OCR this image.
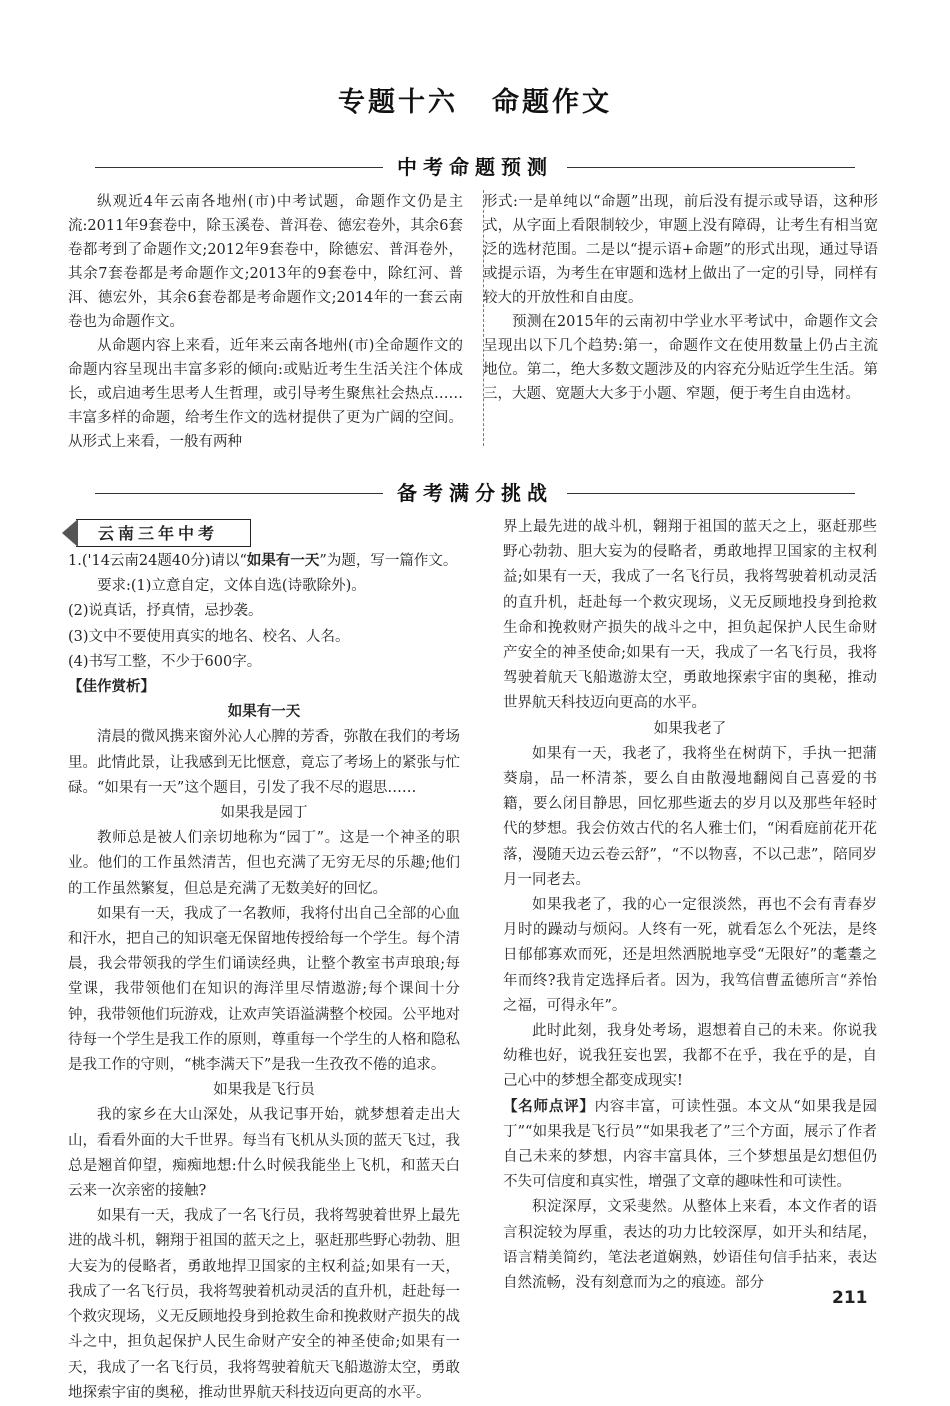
专题十六 命题作文
中考命题预测

纵观近4年云南各地州(市)中考试题，命题作文仍是主流:2011年9套卷中，除玉溪卷、普洱卷、德宏卷外，其余6套卷都考到了命题作文;2012年9套卷中，除德宏、普洱卷外，其余7套卷都是考命题作文;2013年的9套卷中，除红河、普洱、德宏外，其余6套卷都是考命题作文;2014年的一套云南卷也为命题作文。

从命题内容上来看，近年来云南各地州(市)全命题作文的命题内容呈现出丰富多彩的倾向:或贴近考生生活关注个体成长，或启迪考生思考人生哲理，或引导考生聚焦社会热点……丰富多样的命题，给考生作文的选材提供了更为广阔的空间。从形式上来看，一般有两种

形式:一是单纯以“命题”出现，前后没有提示或导语，这种形式，从字面上看限制较少，审题上没有障碍，让考生有相当宽泛的选材范围。二是以“提示语+命题”的形式出现，通过导语或提示语，为考生在审题和选材上做出了一定的引导，同样有较大的开放性和自由度。

预测在2015年的云南初中学业水平考试中，命题作文会呈现出以下几个趋势:第一，命题作文在使用数量上仍占主流地位。第二，绝大多数文题涉及的内容充分贴近学生生活。第三，大题、宽题大大多于小题、窄题，便于考生自由选材。

备考满分挑战
云南三年中考

1.('14云南24题40分)请以“如果有一天”为题，写一篇作文。

要求:(1)立意自定，文体自选(诗歌除外)。

(2)说真话，抒真情，忌抄袭。

(3)文中不要使用真实的地名、校名、人名。

(4)书写工整，不少于600字。

【佳作赏析】

如果有一天

清晨的微风携来窗外沁人心脾的芳香，弥散在我们的考场里。此情此景，让我感到无比惬意，竟忘了考场上的紧张与忙碌。“如果有一天”这个题目，引发了我不尽的遐思……

如果我是园丁

教师总是被人们亲切地称为“园丁”。这是一个神圣的职业。他们的工作虽然清苦，但也充满了无穷无尽的乐趣;他们的工作虽然繁复，但总是充满了无数美好的回忆。

如果有一天，我成了一名教师，我将付出自己全部的心血和汗水，把自己的知识毫无保留地传授给每一个学生。每个清晨，我会带领我的学生们诵读经典，让整个教室书声琅琅;每堂课，我带领他们在知识的海洋里尽情遨游;每个课间十分钟，我带领他们玩游戏，让欢声笑语溢满整个校园。公平地对待每一个学生是我工作的原则，尊重每一个学生的人格和隐私是我工作的守则，“桃李满天下”是我一生孜孜不倦的追求。

如果我是飞行员

我的家乡在大山深处，从我记事开始，就梦想着走出大山，看看外面的大千世界。每当有飞机从头顶的蓝天飞过，我总是翘首仰望，痴痴地想:什么时候我能坐上飞机，和蓝天白云来一次亲密的接触?

如果有一天，我成了一名飞行员，我将驾驶着世界上最先进的战斗机，翱翔于祖国的蓝天之上，驱赶那些野心勃勃、胆大妄为的侵略者，勇敢地捍卫国家的主权利益;如果有一天，我成了一名飞行员，我将驾驶着机动灵活的直升机，赶赴每一个救灾现场，义无反顾地投身到抢救生命和挽救财产损失的战斗之中，担负起保护人民生命财产安全的神圣使命;如果有一天，我成了一名飞行员，我将驾驶着航天飞船遨游太空，勇敢地探索宇宙的奥秘，推动世界航天科技迈向更高的水平。

界上最先进的战斗机，翱翔于祖国的蓝天之上，驱赶那些野心勃勃、胆大妄为的侵略者，勇敢地捍卫国家的主权利益;如果有一天，我成了一名飞行员，我将驾驶着机动灵活的直升机，赶赴每一个救灾现场，义无反顾地投身到抢救生命和挽救财产损失的战斗之中，担负起保护人民生命财产安全的神圣使命;如果有一天，我成了一名飞行员，我将驾驶着航天飞船遨游太空，勇敢地探索宇宙的奥秘，推动世界航天科技迈向更高的水平。

如果我老了

如果有一天，我老了，我将坐在树荫下，手执一把蒲葵扇，品一杯清茶，要么自由散漫地翻阅自己喜爱的书籍，要么闭目静思，回忆那些逝去的岁月以及那些年轻时代的梦想。我会仿效古代的名人雅士们，“闲看庭前花开花落，漫随天边云卷云舒”，“不以物喜，不以己悲”，陪同岁月一同老去。

如果我老了，我的心一定很淡然，再也不会有青春岁月时的躁动与烦闷。人终有一死，就看怎么个死法，是终日郁郁寡欢而死，还是坦然洒脱地享受“无限好”的耄耋之年而终?我肯定选择后者。因为，我笃信曹孟德所言“养怡之福，可得永年”。

此时此刻，我身处考场，遐想着自己的未来。你说我幼稚也好，说我狂妄也罢，我都不在乎，我在乎的是，自己心中的梦想全都变成现实!

【名师点评】内容丰富，可读性强。本文从“如果我是园丁”“如果我是飞行员”“如果我老了”三个方面，展示了作者自己未来的梦想，内容丰富具体，三个梦想虽是幻想但仍不失可信度和真实性，增强了文章的趣味性和可读性。

积淀深厚，文采斐然。从整体上来看，本文作者的语言积淀较为厚重，表达的功力比较深厚，如开头和结尾，语言精美简约，笔法老道娴熟，妙语佳句信手拈来，表达自然流畅，没有刻意而为之的痕迹。部分

211
